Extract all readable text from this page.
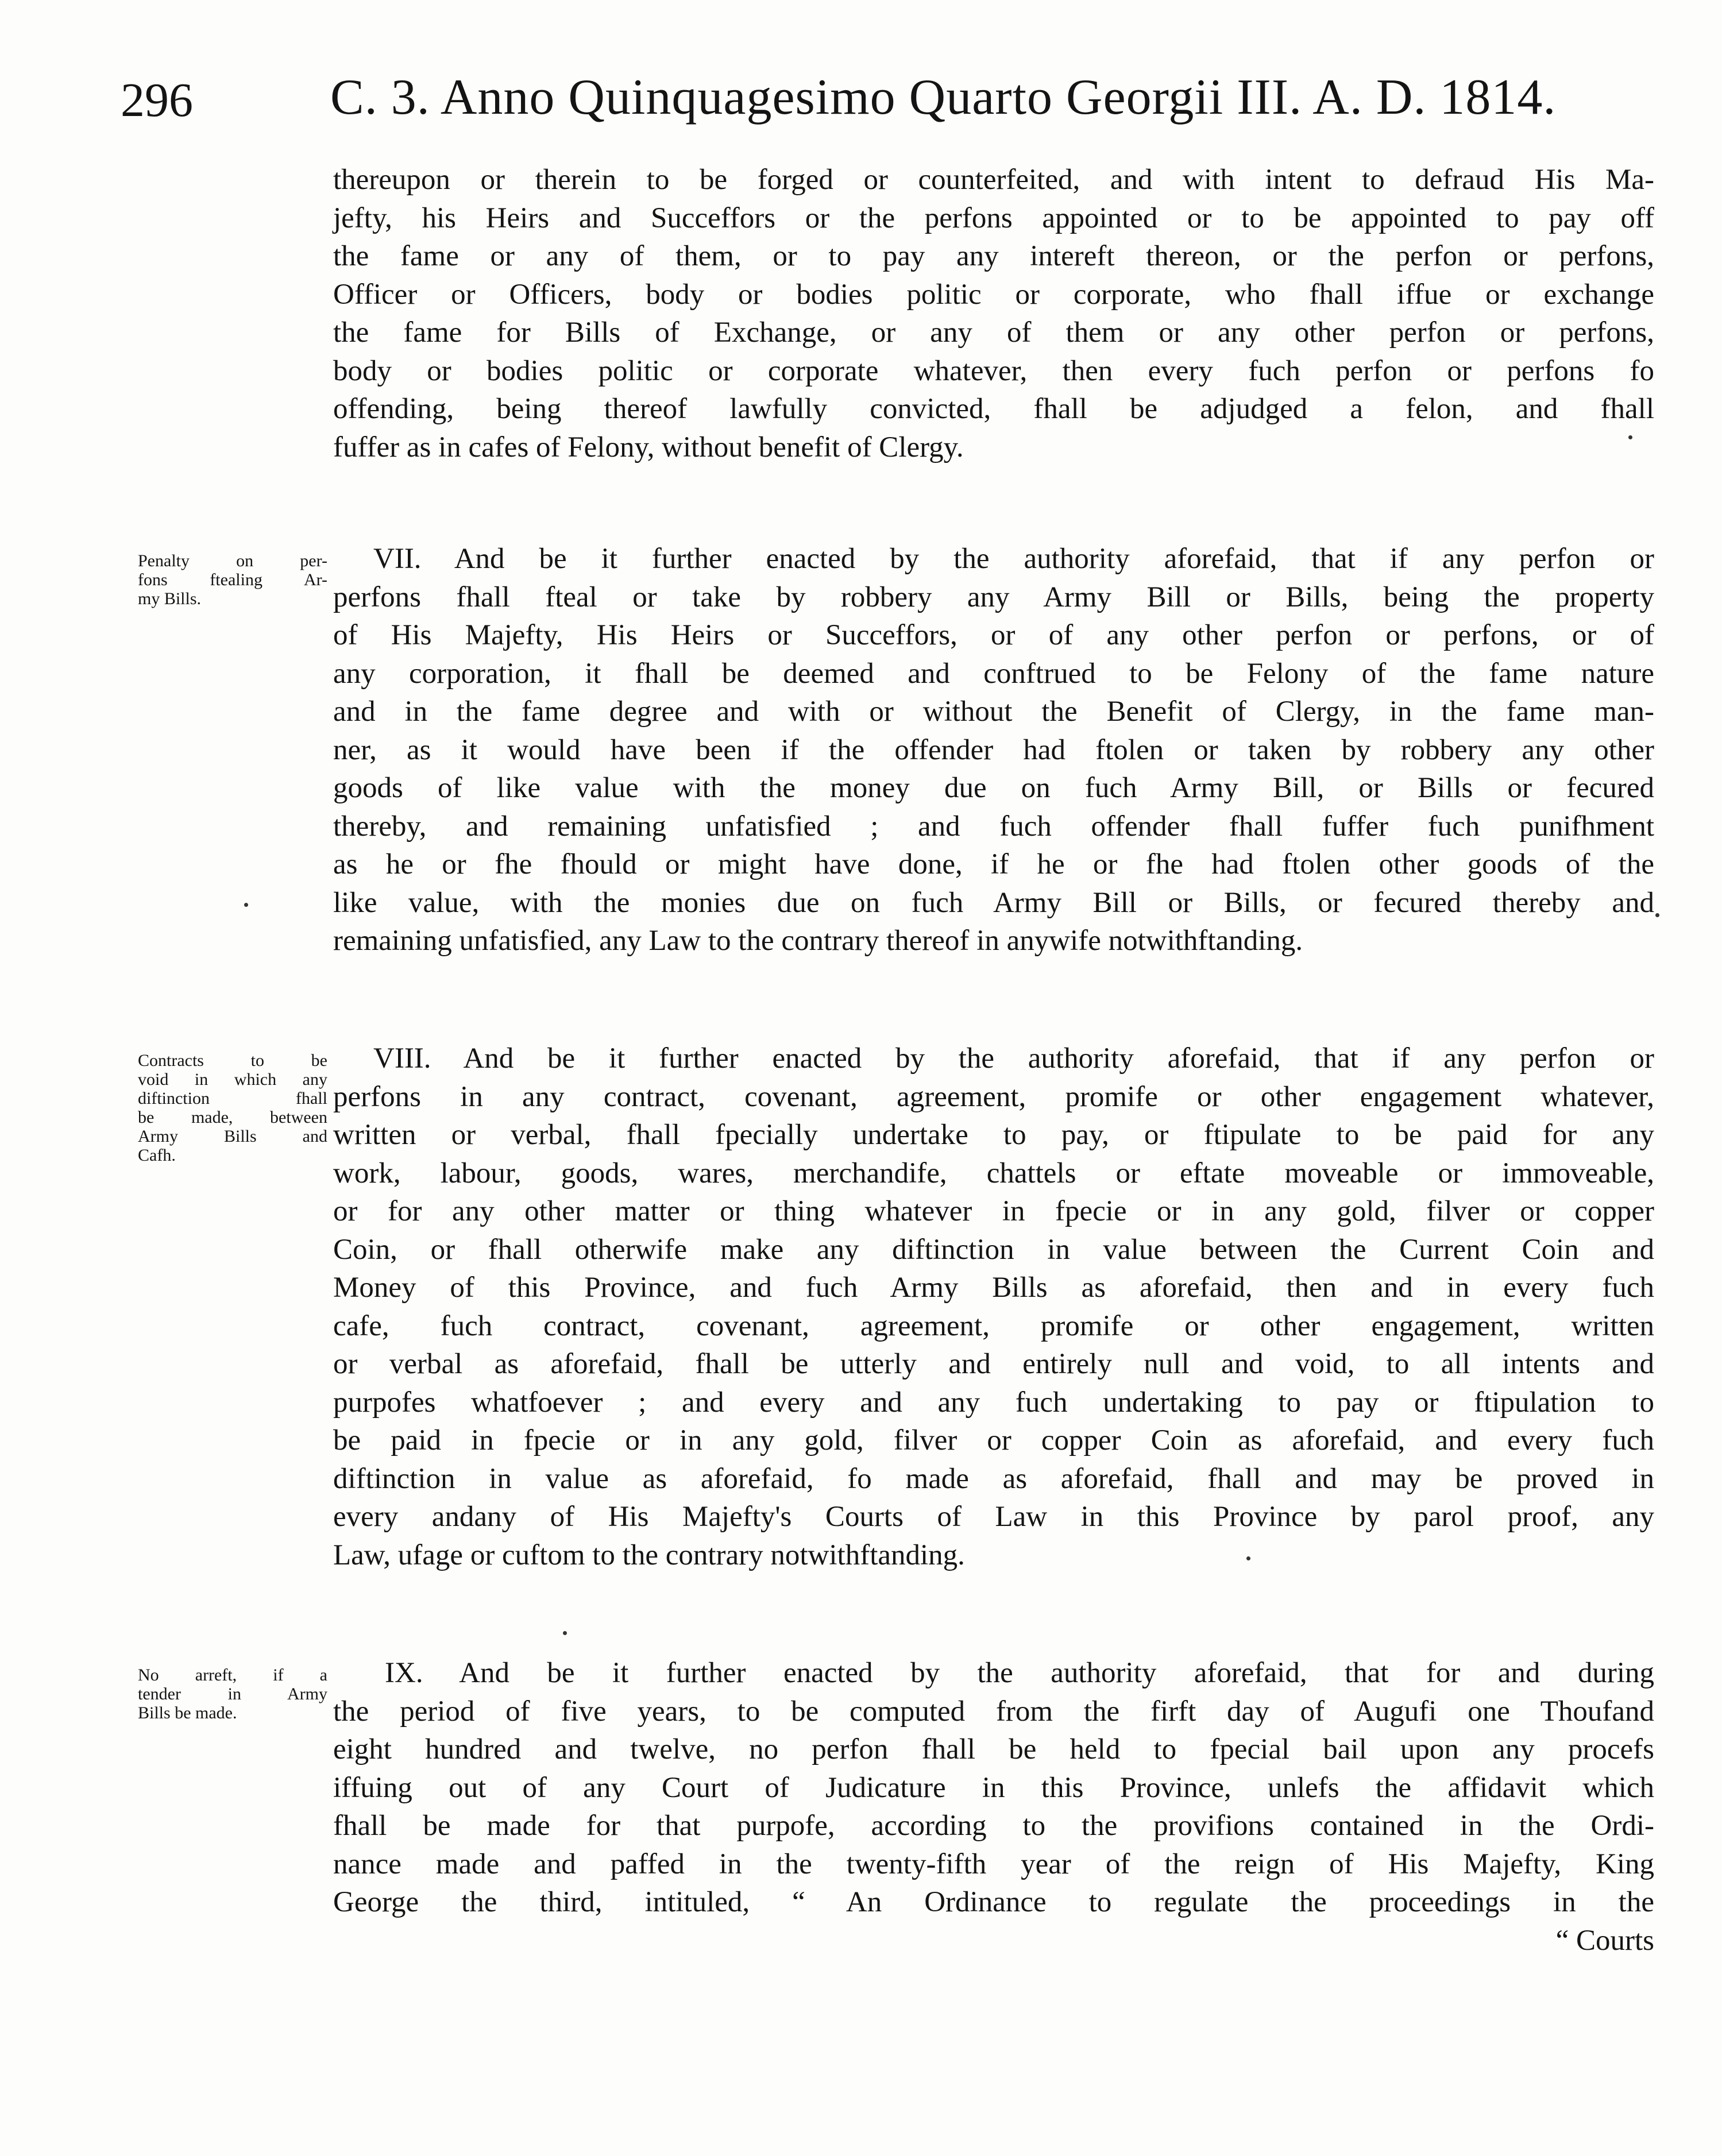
296	C. 3. Anno Quinquagesimo Quarto Georgii III. A. D. 1814.
thereupon or therein to be forged or counterfeited, and with intent to defraud His Ma-
jefty, his Heirs and Succeffors or the perfons appointed or to be appointed to pay off
the fame or any of them, or to pay any intereft thereon, or the perfon or perfons,
Officer or Officers, body or bodies politic or corporate, who fhall iffue or exchange
the fame for Bills of Exchange, or any of them or any other perfon or perfons,
body or bodies politic or corporate whatever, then every fuch perfon or perfons fo
offending, being thereof lawfully convicted, fhall be adjudged a felon, and fhall
fuffer as in cafes of Felony, without benefit of Clergy.
Penalty on per-
fons ftealing Ar-
my Bills.
VII. And be it further enacted by the authority aforefaid, that if any perfon or
perfons fhall fteal or take by robbery any Army Bill or Bills, being the property
of His Majefty, His Heirs or Succeffors, or of any other perfon or perfons, or of
any corporation, it fhall be deemed and conftrued to be Felony of the fame nature
and in the fame degree and with or without the Benefit of Clergy, in the fame man-
ner, as it would have been if the offender had ftolen or taken by robbery any other
goods of like value with the money due on fuch Army Bill, or Bills or fecured
thereby, and remaining unfatisfied ; and fuch offender fhall fuffer fuch punifhment
as he or fhe fhould or might have done, if he or fhe had ftolen other goods of the
like value, with the monies due on fuch Army Bill or Bills, or fecured thereby and
remaining unfatisfied, any Law to the contrary thereof in anywife notwithftanding.
Contracts to be
void in which any
diftinction fhall
be made, between
Army Bills and
Cafh.
VIII. And be it further enacted by the authority aforefaid, that if any perfon or
perfons in any contract, covenant, agreement, promife or other engagement whatever,
written or verbal, fhall fpecially undertake to pay, or ftipulate to be paid for any
work, labour, goods, wares, merchandife, chattels or eftate moveable or immoveable,
or for any other matter or thing whatever in fpecie or in any gold, filver or copper
Coin, or fhall otherwife make any diftinction in value between the Current Coin and
Money of this Province, and fuch Army Bills as aforefaid, then and in every fuch
cafe, fuch contract, covenant, agreement, promife or other engagement, written
or verbal as aforefaid, fhall be utterly and entirely null and void, to all intents and
purpofes whatfoever ; and every and any fuch undertaking to pay or ftipulation to
be paid in fpecie or in any gold, filver or copper Coin as aforefaid, and every fuch
diftinction in value as aforefaid, fo made as aforefaid, fhall and may be proved in
every andany of His Majefty's Courts of Law in this Province by parol proof, any
Law, ufage or cuftom to the contrary notwithftanding.
No arreft, if a
tender in Army
Bills be made.
IX. And be it further enacted by the authority aforefaid, that for and during
the period of five years, to be computed from the firft day of Augufi one Thoufand
eight hundred and twelve, no perfon fhall be held to fpecial bail upon any procefs
iffuing out of any Court of Judicature in this Province, unlefs the affidavit which
fhall be made for that purpofe, according to the provifions contained in the Ordi-
nance made and paffed in the twenty-fifth year of the reign of His Majefty, King
George the third, intituled, “ An Ordinance to regulate the proceedings in the
“ Courts
